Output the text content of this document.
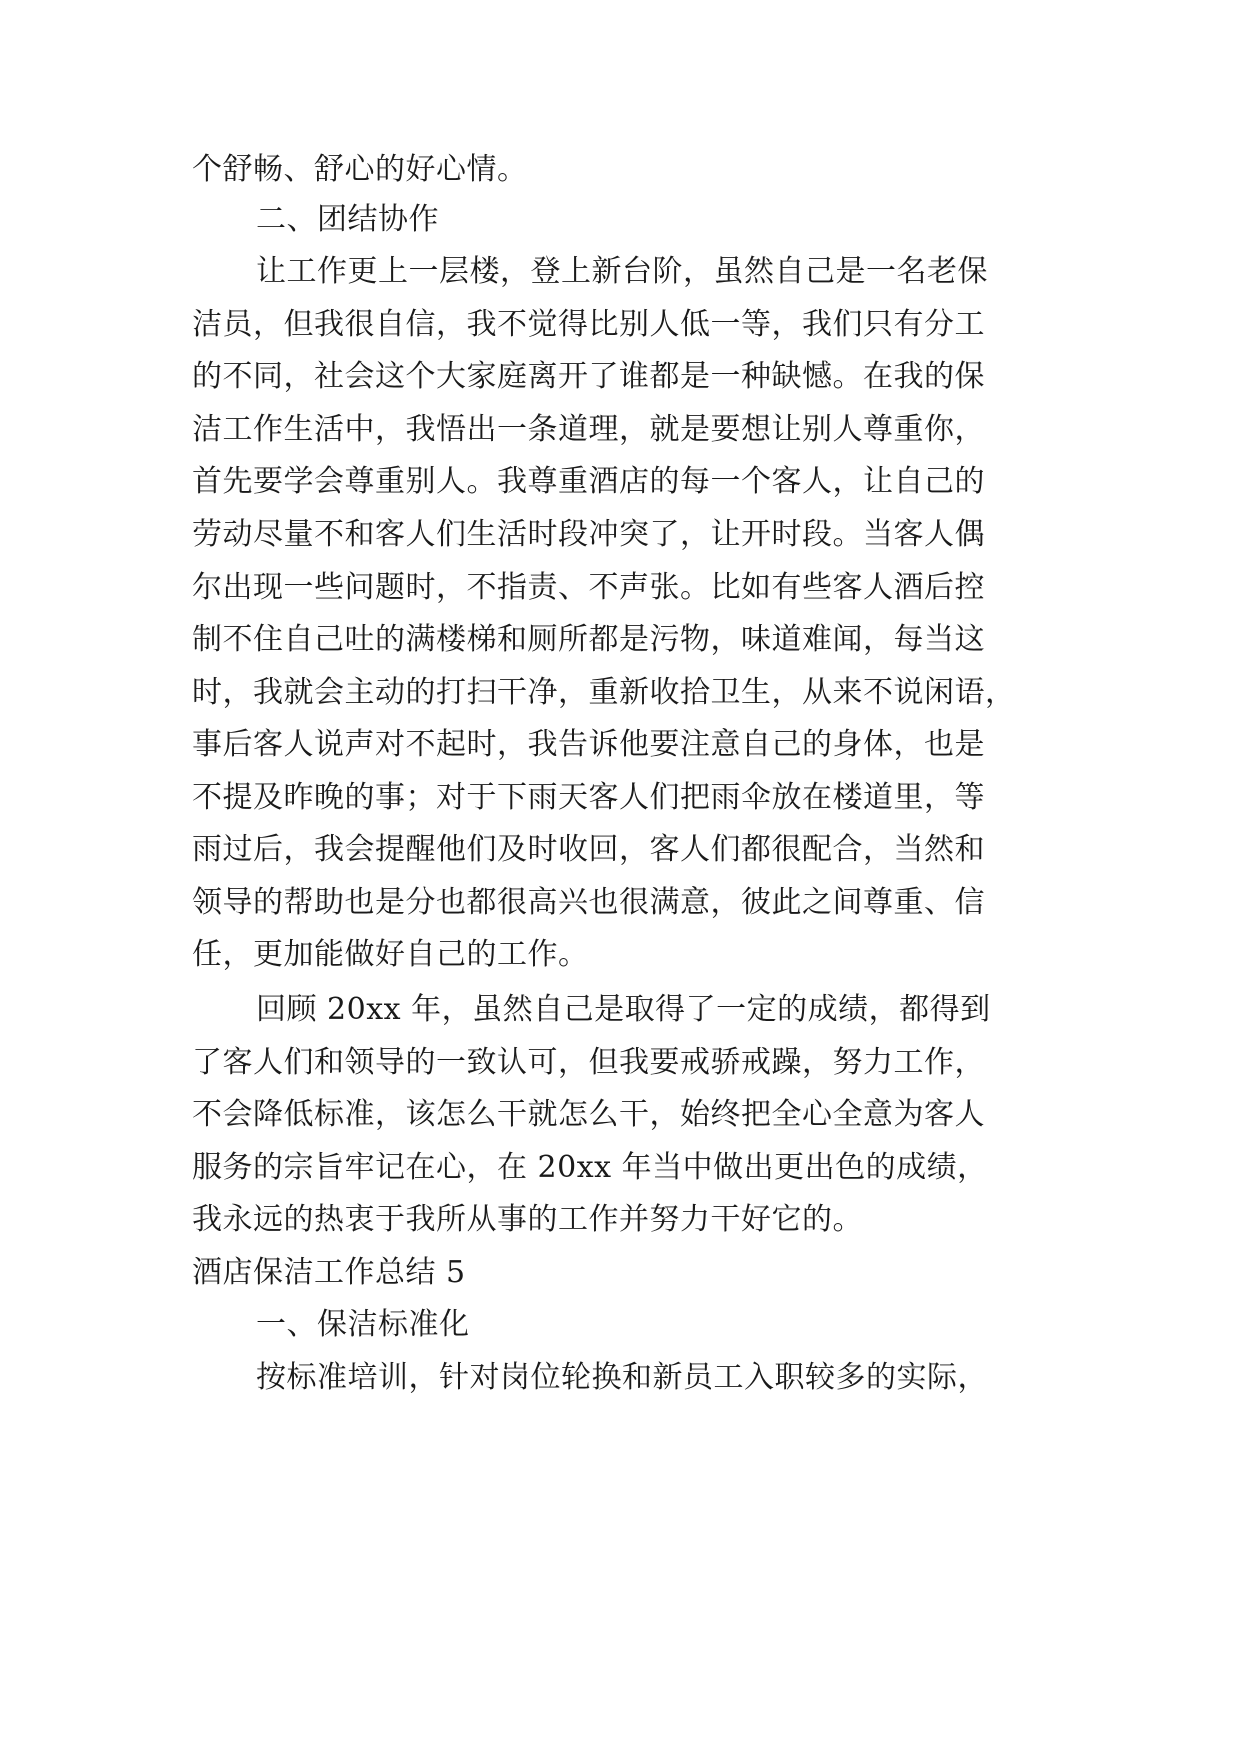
个舒畅、舒心的好心情。
二、团结协作
让工作更上一层楼，登上新台阶，虽然自己是一名老保
洁员，但我很自信，我不觉得比别人低一等，我们只有分工
的不同，社会这个大家庭离开了谁都是一种缺憾。在我的保
洁工作生活中，我悟出一条道理，就是要想让别人尊重你，
首先要学会尊重别人。我尊重酒店的每一个客人，让自己的
劳动尽量不和客人们生活时段冲突了，让开时段。当客人偶
尔出现一些问题时，不指责、不声张。比如有些客人酒后控
制不住自己吐的满楼梯和厕所都是污物，味道难闻，每当这
时，我就会主动的打扫干净，重新收拾卫生，从来不说闲语，
事后客人说声对不起时，我告诉他要注意自己的身体，也是
不提及昨晚的事；对于下雨天客人们把雨伞放在楼道里，等
雨过后，我会提醒他们及时收回，客人们都很配合，当然和
领导的帮助也是分也都很高兴也很满意，彼此之间尊重、信
任，更加能做好自己的工作。
回顾 20xx 年，虽然自己是取得了一定的成绩，都得到
了客人们和领导的一致认可，但我要戒骄戒躁，努力工作，
不会降低标准，该怎么干就怎么干，始终把全心全意为客人
服务的宗旨牢记在心，在 20xx 年当中做出更出色的成绩，
我永远的热衷于我所从事的工作并努力干好它的。
酒店保洁工作总结 5
一、保洁标准化
按标准培训，针对岗位轮换和新员工入职较多的实际，
